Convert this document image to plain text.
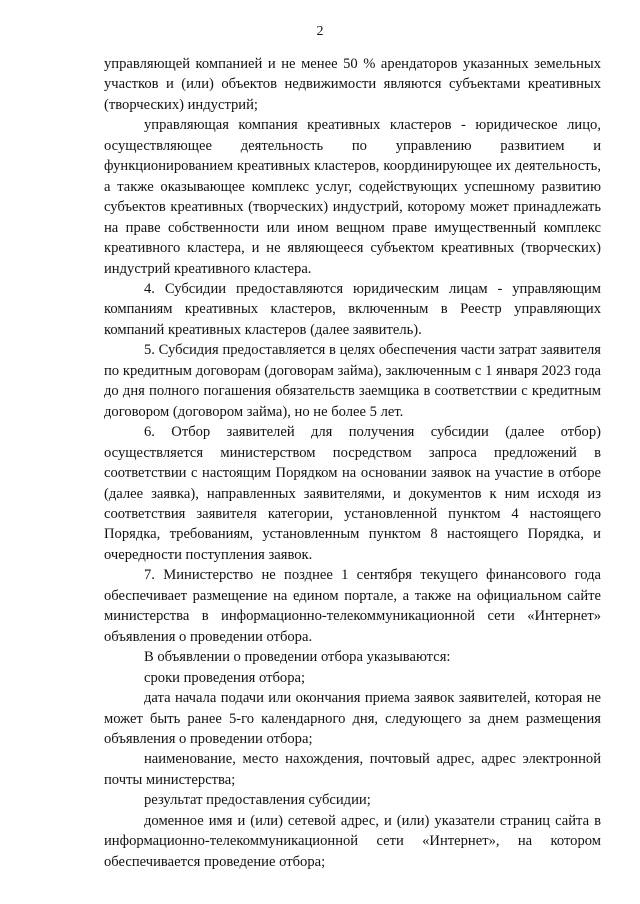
2

управляющей компанией и не менее 50 % арендаторов указанных земельных участков и (или) объектов недвижимости являются субъектами креативных (творческих) индустрий;

управляющая компания креативных кластеров - юридическое лицо, осуществляющее деятельность по управлению развитием и функционированием креативных кластеров, координирующее их деятельность, а также оказывающее комплекс услуг, содействующих успешному развитию субъектов креативных (творческих) индустрий, которому может принадлежать на праве собственности или ином вещном праве имущественный комплекс креативного кластера, и не являющееся субъектом креативных (творческих) индустрий креативного кластера.

4. Субсидии предоставляются юридическим лицам - управляющим компаниям креативных кластеров, включенным в Реестр управляющих компаний креативных кластеров (далее заявитель).

5. Субсидия предоставляется в целях обеспечения части затрат заявителя по кредитным договорам (договорам займа), заключенным с 1 января 2023 года до дня полного погашения обязательств заемщика в соответствии с кредитным договором (договором займа), но не более 5 лет.

6. Отбор заявителей для получения субсидии (далее отбор) осуществляется министерством посредством запроса предложений в соответствии с настоящим Порядком на основании заявок на участие в отборе (далее заявка), направленных заявителями, и документов к ним исходя из соответствия заявителя категории, установленной пунктом 4 настоящего Порядка, требованиям, установленным пунктом 8 настоящего Порядка, и очередности поступления заявок.

7. Министерство не позднее 1 сентября текущего финансового года обеспечивает размещение на едином портале, а также на официальном сайте министерства в информационно-телекоммуникационной сети «Интернет» объявления о проведении отбора.

В объявлении о проведении отбора указываются:

сроки проведения отбора;

дата начала подачи или окончания приема заявок заявителей, которая не может быть ранее 5-го календарного дня, следующего за днем размещения объявления о проведении отбора;

наименование, место нахождения, почтовый адрес, адрес электронной почты министерства;

результат предоставления субсидии;

доменное имя и (или) сетевой адрес, и (или) указатели страниц сайта в информационно-телекоммуникационной сети «Интернет», на котором обеспечивается проведение отбора;
